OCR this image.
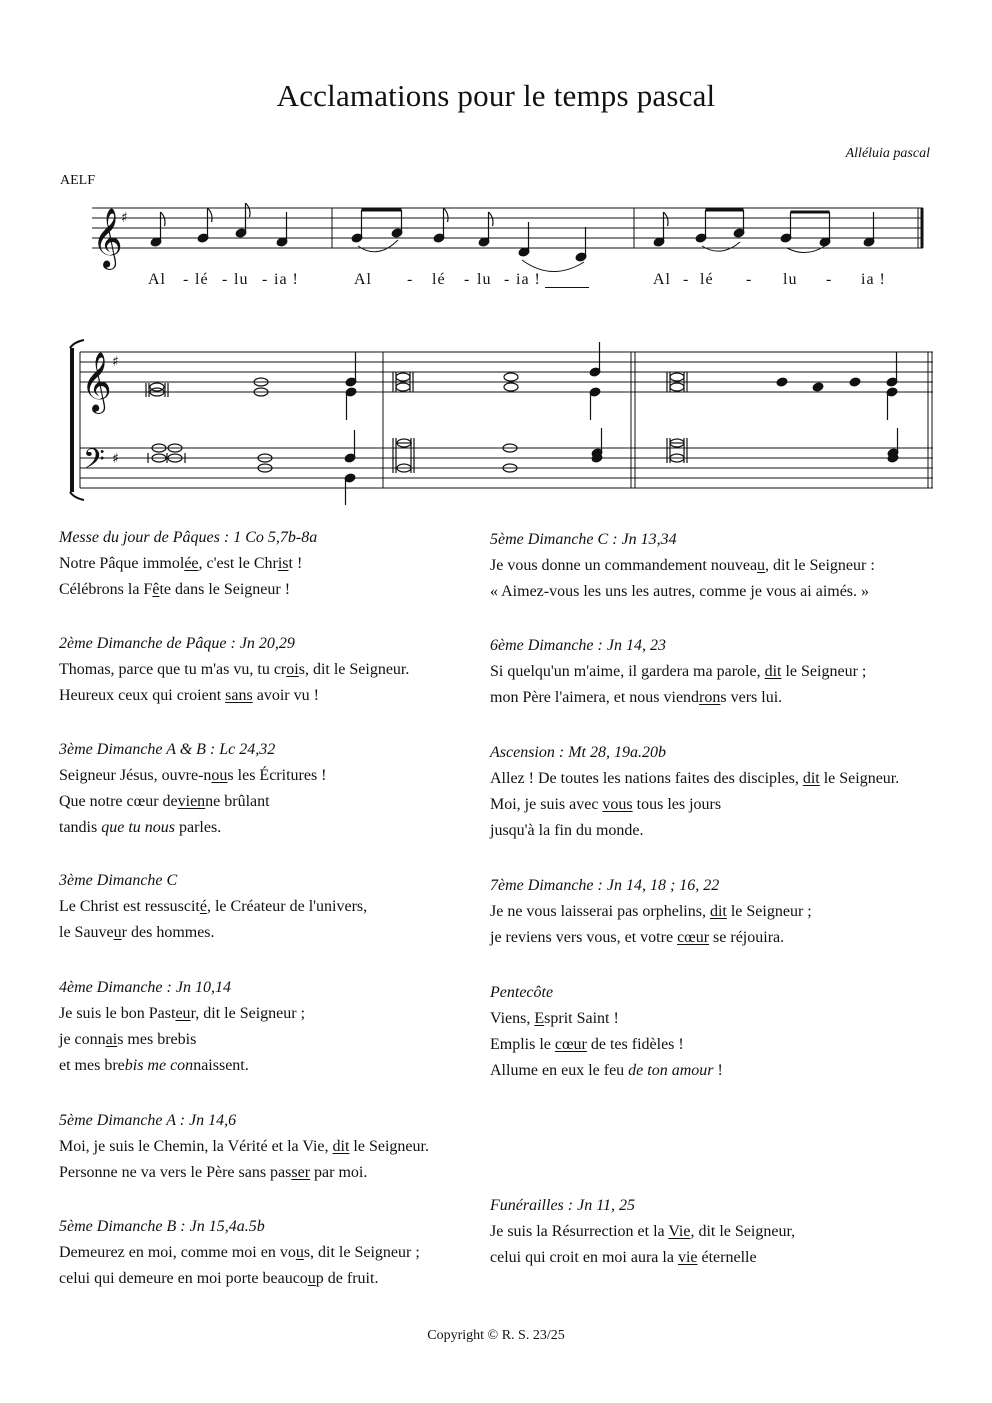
Acclamations pour le temps pascal
Alléluia pascal
AELF
𝄞
♯
𝄞 ♯
𝄢 ♯
Al - lé - lu - ia !	Al - lé - lu - ia !	Al - lé - lu - ia !
Messe du jour de Pâques : 1 Co 5,7b-8a
Notre Pâque immolée, c'est le Christ !
Célébrons la Fête dans le Seigneur !
2ème Dimanche de Pâque : Jn 20,29
Thomas, parce que tu m'as vu, tu crois, dit le Seigneur.
Heureux ceux qui croient sans avoir vu !
3ème Dimanche A & B : Lc 24,32
Seigneur Jésus, ouvre-nous les Écritures !
Que notre cœur devienne brûlant
tandis que tu nous parles.
3ème Dimanche C
Le Christ est ressuscité, le Créateur de l'univers,
le Sauveur des hommes.
4ème Dimanche : Jn 10,14
Je suis le bon Pasteur, dit le Seigneur ;
je connais mes brebis
et mes brebis me connaissent.
5ème Dimanche A : Jn 14,6
Moi, je suis le Chemin, la Vérité et la Vie, dit le Seigneur.
Personne ne va vers le Père sans passer par moi.
5ème Dimanche B : Jn 15,4a.5b
Demeurez en moi, comme moi en vous, dit le Seigneur ;
celui qui demeure en moi porte beaucoup de fruit.
5ème Dimanche C : Jn 13,34
Je vous donne un commandement nouveau, dit le Seigneur :
« Aimez-vous les uns les autres, comme je vous ai aimés. »
6ème Dimanche : Jn 14, 23
Si quelqu'un m'aime, il gardera ma parole, dit le Seigneur ;
mon Père l'aimera, et nous viendrons vers lui.
Ascension : Mt 28, 19a.20b
Allez ! De toutes les nations faites des disciples, dit le Seigneur.
Moi, je suis avec vous tous les jours
jusqu'à la fin du monde.
7ème Dimanche : Jn 14, 18 ; 16, 22
Je ne vous laisserai pas orphelins, dit le Seigneur ;
je reviens vers vous, et votre cœur se réjouira.
Pentecôte
Viens, Esprit Saint !
Emplis le cœur de tes fidèles !
Allume en eux le feu de ton amour !
Funérailles : Jn 11, 25
Je suis la Résurrection et la Vie, dit le Seigneur,
celui qui croit en moi aura la vie éternelle
Copyright © R. S. 23/25
